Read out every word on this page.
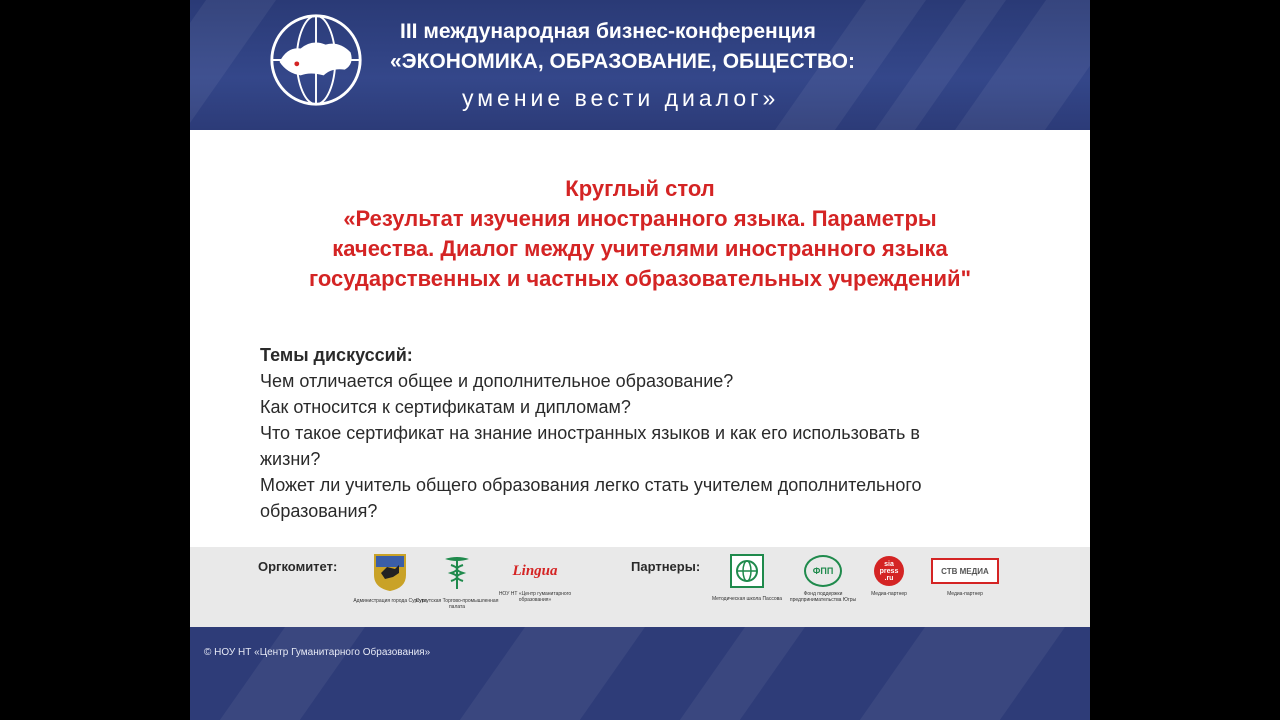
III международная бизнес-конференция
«ЭКОНОМИКА, ОБРАЗОВАНИЕ, ОБЩЕСТВО:
умение вести диалог»
Круглый стол
«Результат изучения иностранного языка. Параметры
качества. Диалог между учителями иностранного языка
государственных и частных образовательных учреждений"
Темы дискуссий:
Чем отличается общее и дополнительное образование?
Как относится к сертификатам и дипломам?
Что такое сертификат на знание иностранных языков и как его использовать в
жизни?
Может ли учитель общего образования легко стать учителем дополнительного
образования?
Оргкомитет:	Партнеры:
Администрация города Сургута
Сургутская Торгово-промышленная палата
Lingua
НОУ НТ «Центр гуманитарного образования»	Методическая школа Пассова
ФПП
Фонд поддержки предпринимательства Югры
sia press .ru
Медиа-партнер
СТВ МЕДИА
Медиа-партнер
© НОУ НТ «Центр Гуманитарного Образования»
